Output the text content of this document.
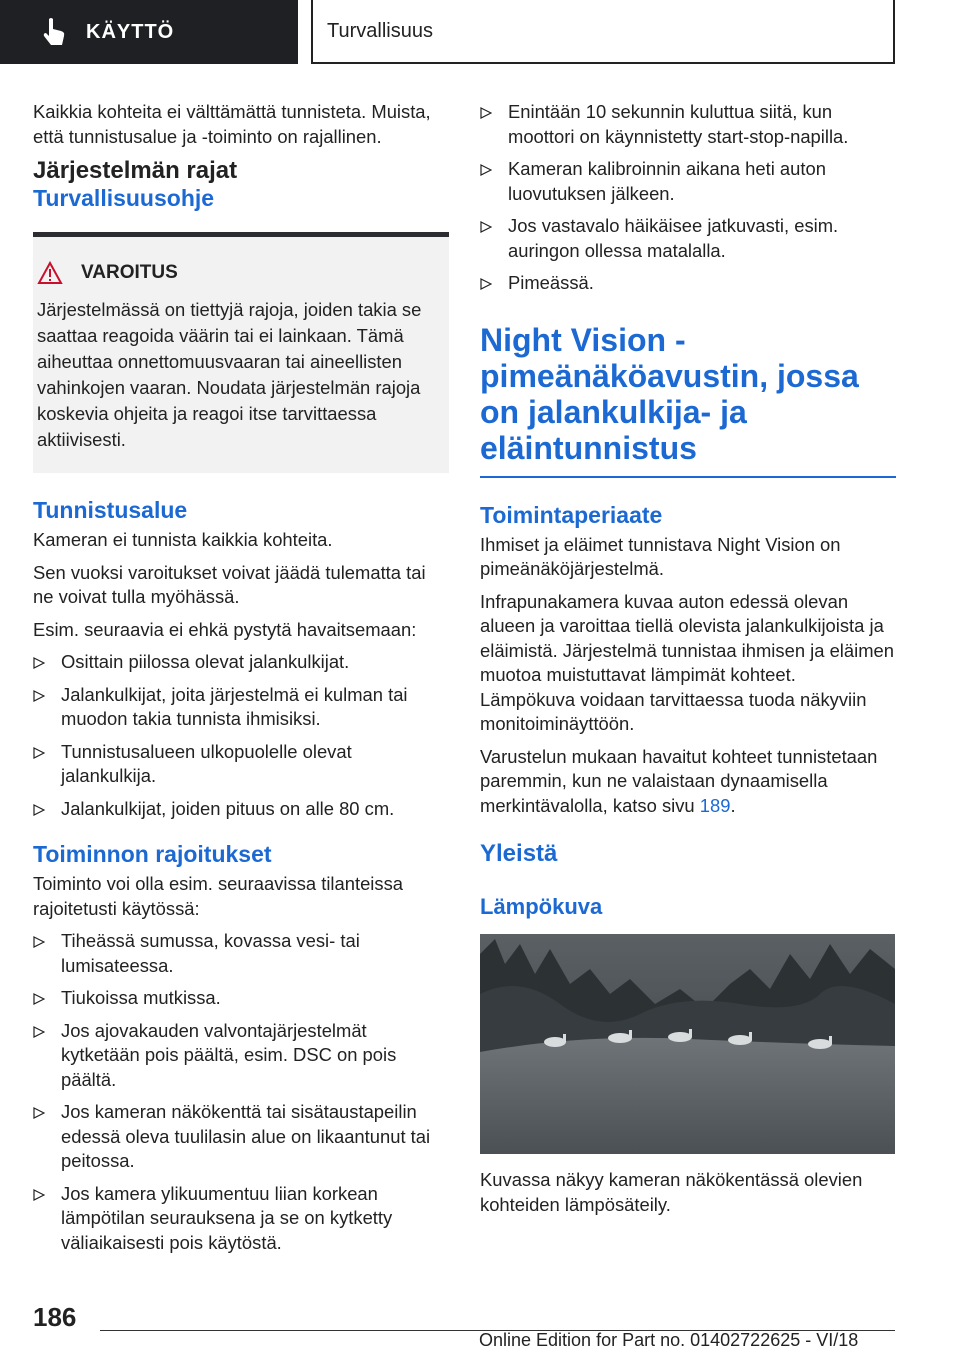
KÄYTTÖ	Turvallisuus

Kaikkia kohteita ei välttämättä tunnisteta. Muista, että tunnistusalue ja -toiminto on rajallinen.

Järjestelmän rajat
Turvallisuusohje
VAROITUS

Järjestelmässä on tiettyjä rajoja, joiden takia se saattaa reagoida väärin tai ei lainkaan. Tämä aiheuttaa onnettomuusvaaran tai aineellisten vahinkojen vaaran. Noudata järjestelmän rajoja koskevia ohjeita ja reagoi itse tarvittaessa aktiivisesti.

Tunnistusalue

Kameran ei tunnista kaikkia kohteita.

Sen vuoksi varoitukset voivat jäädä tulematta tai ne voivat tulla myöhässä.

Esim. seuraavia ei ehkä pystytä havaitsemaan:

Osittain piilossa olevat jalankulkijat.
Jalankulkijat, joita järjestelmä ei kulman tai muodon takia tunnista ihmisiksi.
Tunnistusalueen ulkopuolelle olevat jalankulkija.
Jalankulkijat, joiden pituus on alle 80 cm.
Toiminnon rajoitukset

Toiminto voi olla esim. seuraavissa tilanteissa rajoitetusti käytössä:

Tiheässä sumussa, kovassa vesi- tai lumisateessa.
Tiukoissa mutkissa.
Jos ajovakauden valvontajärjestelmät kytketään pois päältä, esim. DSC on pois päältä.
Jos kameran näkökenttä tai sisätaustapeilin edessä oleva tuulilasin alue on likaantunut tai peitossa.
Jos kamera ylikuumentuu liian korkean lämpötilan seurauksena ja se on kytketty väliaikaisesti pois käytöstä.
Enintään 10 sekunnin kuluttua siitä, kun moottori on käynnistetty start-stop-napilla.
Kameran kalibroinnin aikana heti auton luovutuksen jälkeen.
Jos vastavalo häikäisee jatkuvasti, esim. auringon ollessa matalalla.
Pimeässä.
Night Vision -pimeänäköavustin, jossa on jalankulkija- ja eläintunnistus
Toimintaperiaate

Ihmiset ja eläimet tunnistava Night Vision on pimeänäköjärjestelmä.

Infrapunakamera kuvaa auton edessä olevan alueen ja varoittaa tiellä olevista jalankulkijoista ja eläimistä. Järjestelmä tunnistaa ihmisen ja eläimen muotoa muistuttavat lämpimät kohteet. Lämpökuva voidaan tarvittaessa tuoda näkyviin monitoiminäyttöön.

Varustelun mukaan havaitut kohteet tunnistetaan paremmin, kun ne valaistaan dynaamisella merkintävalolla, katso sivu 189.

Yleistä
Lämpökuva

Kuvassa näkyy kameran näkökentässä olevien kohteiden lämpösäteily.

186
Online Edition for Part no. 01402722625 - VI/18
